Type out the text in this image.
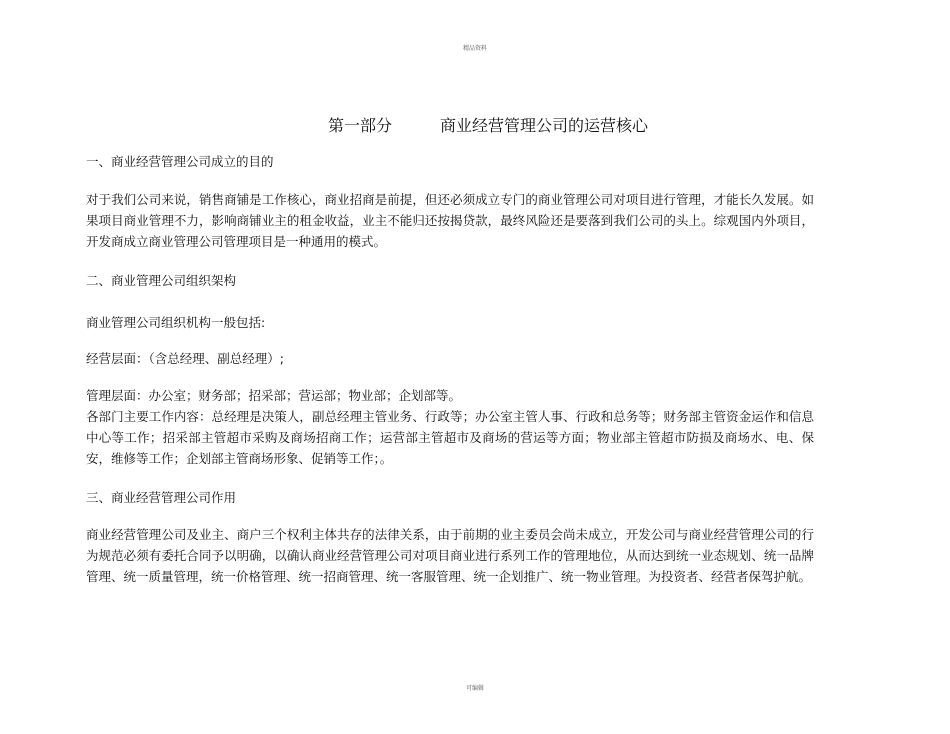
精品资料
第一部分　　　商业经营管理公司的运营核心
一、商业经营管理公司成立的目的
对于我们公司来说，销售商铺是工作核心，商业招商是前提，但还必须成立专门的商业管理公司对项目进行管理，才能长久发展。如果项目商业管理不力，影响商铺业主的租金收益，业主不能归还按揭贷款，最终风险还是要落到我们公司的头上。综观国内外项目，开发商成立商业管理公司管理项目是一种通用的模式。
二、商业管理公司组织架构
商业管理公司组织机构一般包括:
经营层面：（含总经理、副总经理）;
管理层面：办公室；财务部；招采部；营运部；物业部；企划部等。
各部门主要工作内容：总经理是决策人，副总经理主管业务、行政等；办公室主管人事、行政和总务等；财务部主管资金运作和信息中心等工作；招采部主管超市采购及商场招商工作；运营部主管超市及商场的营运等方面；物业部主管超市防损及商场水、电、保安，维修等工作；企划部主管商场形象、促销等工作；。
三、商业经营管理公司作用
商业经营管理公司及业主、商户三个权利主体共存的法律关系，由于前期的业主委员会尚未成立，开发公司与商业经营管理公司的行为规范必须有委托合同予以明确，以确认商业经营管理公司对项目商业进行系列工作的管理地位，从而达到统一业态规划、统一品牌管理、统一质量管理，统一价格管理、统一招商管理、统一客服管理、统一企划推广、统一物业管理。为投资者、经营者保驾护航。
可编辑
